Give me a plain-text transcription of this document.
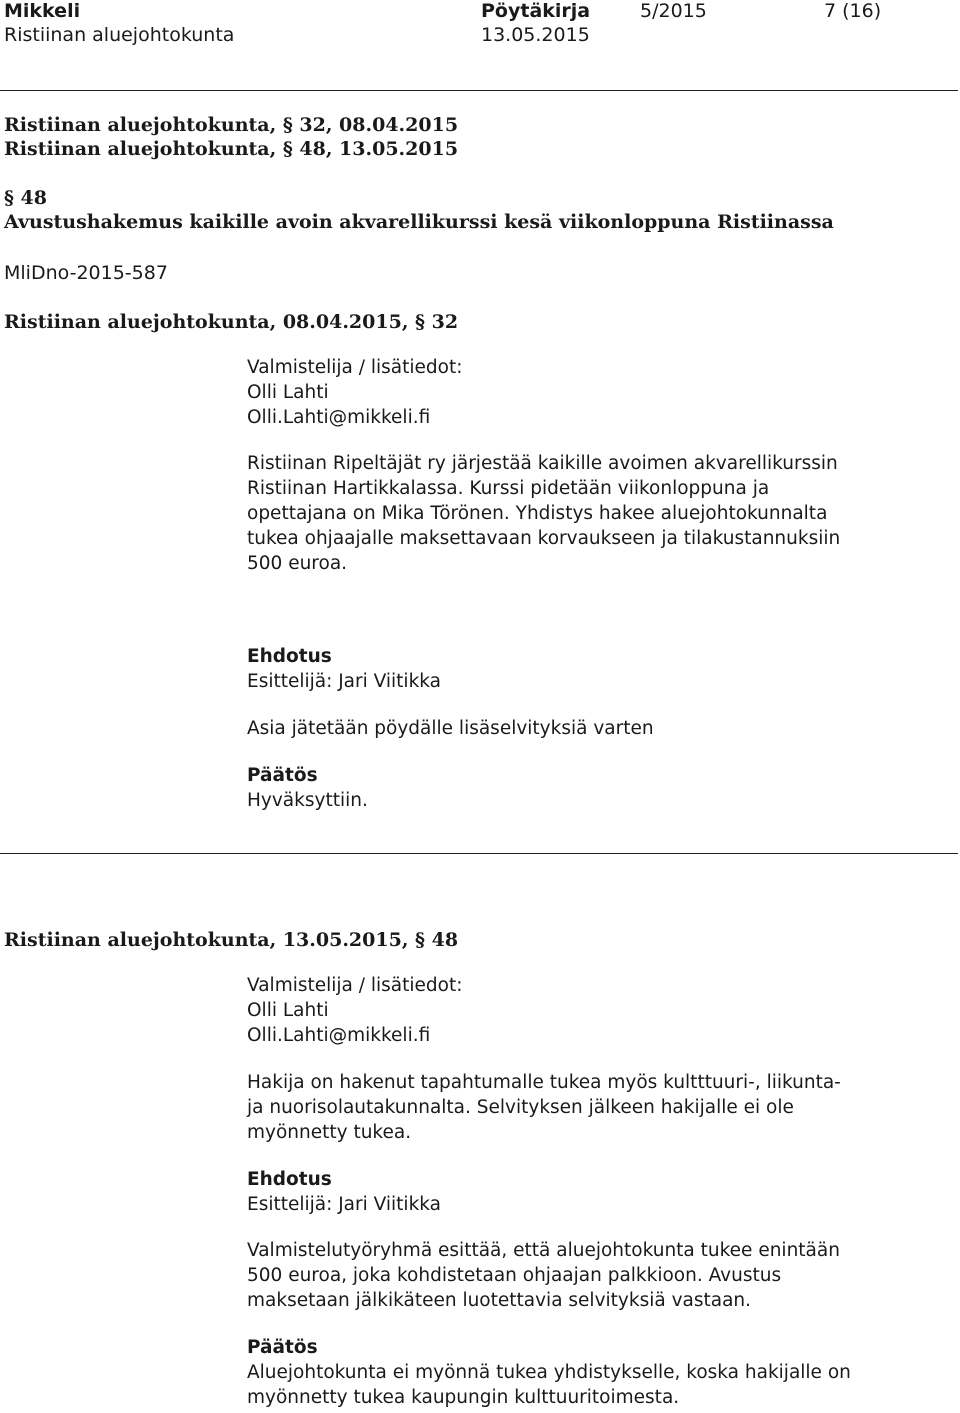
Mikkeli	Pöytäkirja	5/2015	7 (16)
Ristiinan aluejohtokunta	13.05.2015
Ristiinan aluejohtokunta, § 32, 08.04.2015
Ristiinan aluejohtokunta, § 48, 13.05.2015
§ 48
Avustushakemus kaikille avoin akvarellikurssi kesä viikonloppuna Ristiinassa
MliDno-2015-587
Ristiinan aluejohtokunta, 08.04.2015, § 32
Valmistelija / lisätiedot:
Olli Lahti
Olli.Lahti@mikkeli.fi
Ristiinan Ripeltäjät ry järjestää kaikille avoimen akvarellikurssin
Ristiinan Hartikkalassa. Kurssi pidetään viikonloppuna ja
opettajana on Mika Törönen. Yhdistys hakee aluejohtokunnalta
tukea ohjaajalle maksettavaan korvaukseen ja tilakustannuksiin
500 euroa.
Ehdotus
Esittelijä: Jari Viitikka
Asia jätetään pöydälle lisäselvityksiä varten
Päätös
Hyväksyttiin.
Ristiinan aluejohtokunta, 13.05.2015, § 48
Valmistelija / lisätiedot:
Olli Lahti
Olli.Lahti@mikkeli.fi
Hakija on hakenut tapahtumalle tukea myös kultttuuri-, liikunta-
ja nuorisolautakunnalta. Selvityksen jälkeen hakijalle ei ole
myönnetty tukea.
Ehdotus
Esittelijä: Jari Viitikka
Valmistelutyöryhmä esittää, että aluejohtokunta tukee enintään
500 euroa, joka kohdistetaan ohjaajan palkkioon. Avustus
maksetaan jälkikäteen luotettavia selvityksiä vastaan.
Päätös
Aluejohtokunta ei myönnä tukea yhdistykselle, koska hakijalle on
myönnetty tukea kaupungin kulttuuritoimesta.
